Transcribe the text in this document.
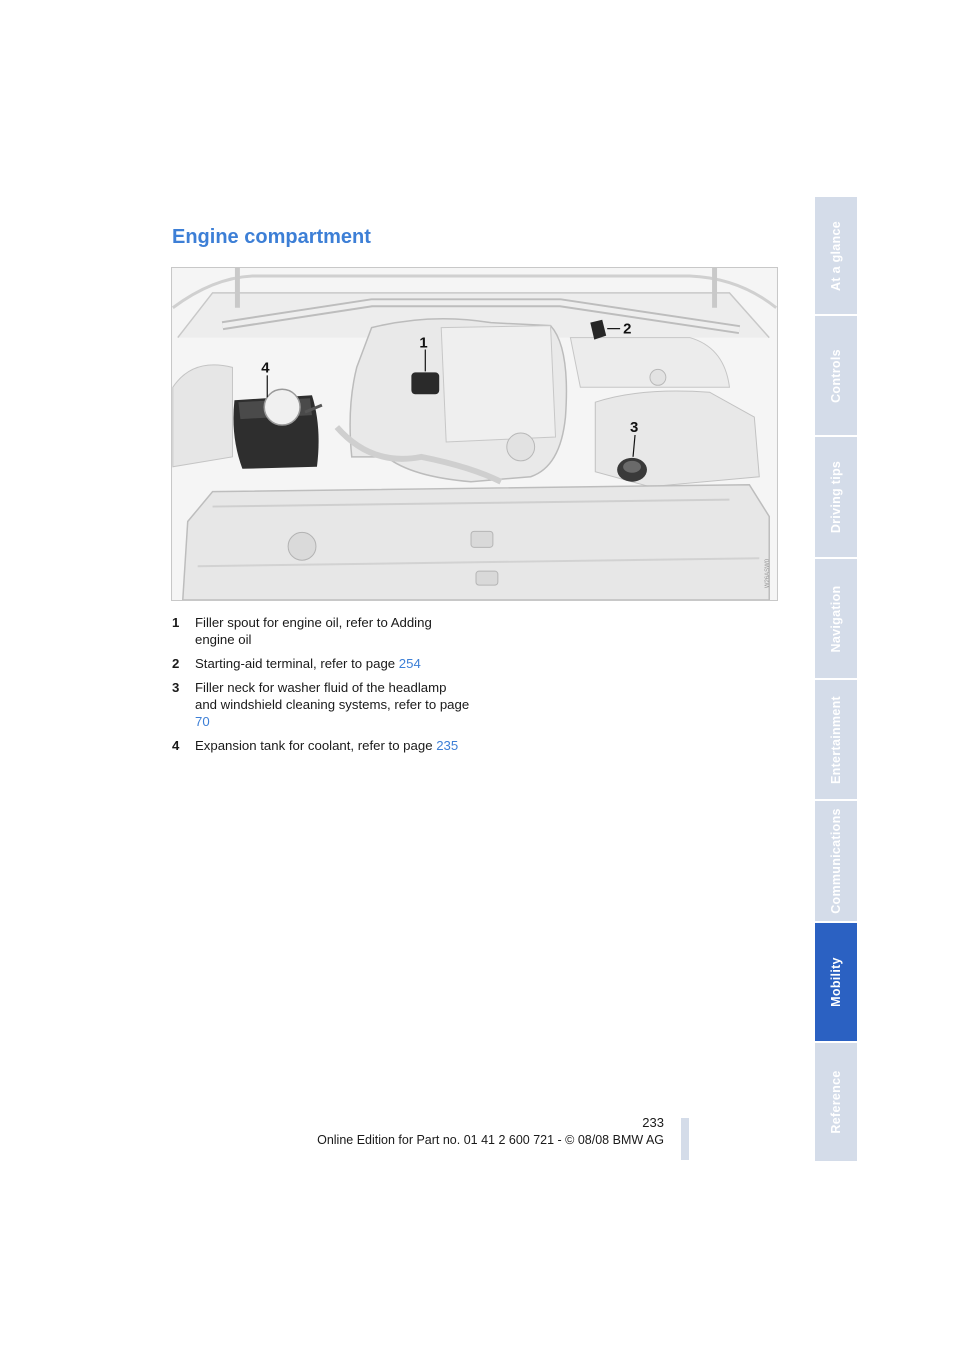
Engine compartment
1
2
3
4
W26ASW0
1 Filler spout for engine oil, refer to Adding engine oil
2 Starting-aid terminal, refer to page 254
3 Filler neck for washer fluid of the headlamp and windshield cleaning systems, refer to page 70
4 Expansion tank for coolant, refer to page 235
At a glance
Controls
Driving tips
Navigation
Entertainment
Communications
Mobility
Reference
233
Online Edition for Part no. 01 41 2 600 721 - © 08/08 BMW AG
